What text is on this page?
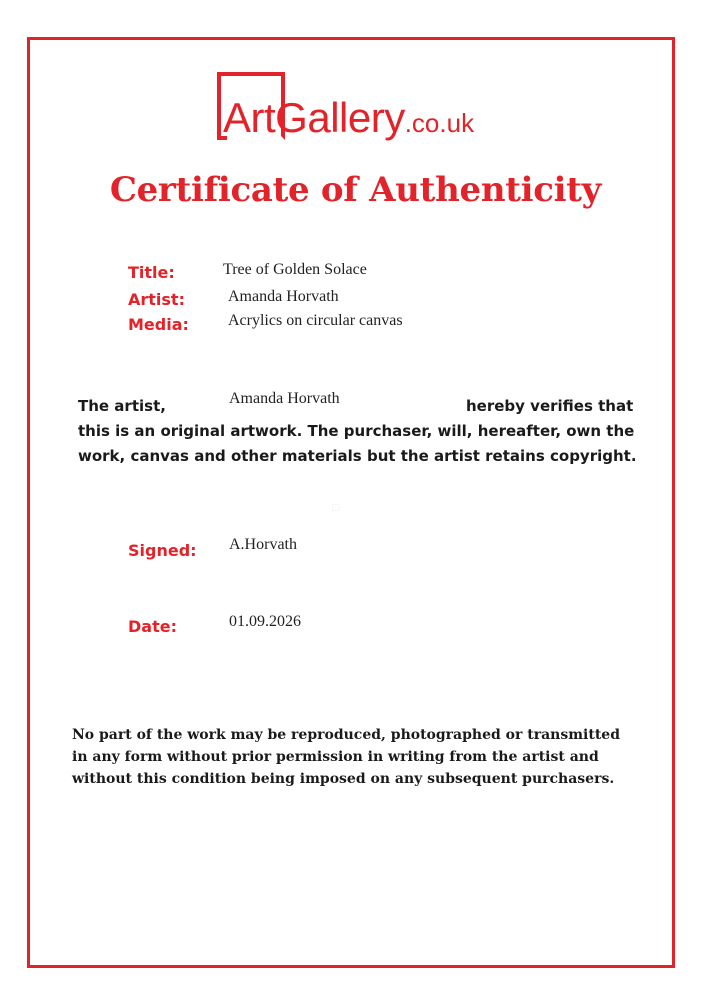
ArtGallery.co.uk
Certificate of Authenticity
Title:	Tree of Golden Solace
Artist:	Amanda Horvath
Media: Acrylics on circular canvas
The artist,	Amanda Horvath	hereby verifies that
this is an original artwork. The purchaser, will, hereafter, own the
work, canvas and other materials but the artist retains copyright.
□
Signed: A.Horvath
Date:	01.09.2026
No part of the work may be reproduced, photographed or transmitted
in any form without prior permission in writing from the artist and
without this condition being imposed on any subsequent purchasers.
